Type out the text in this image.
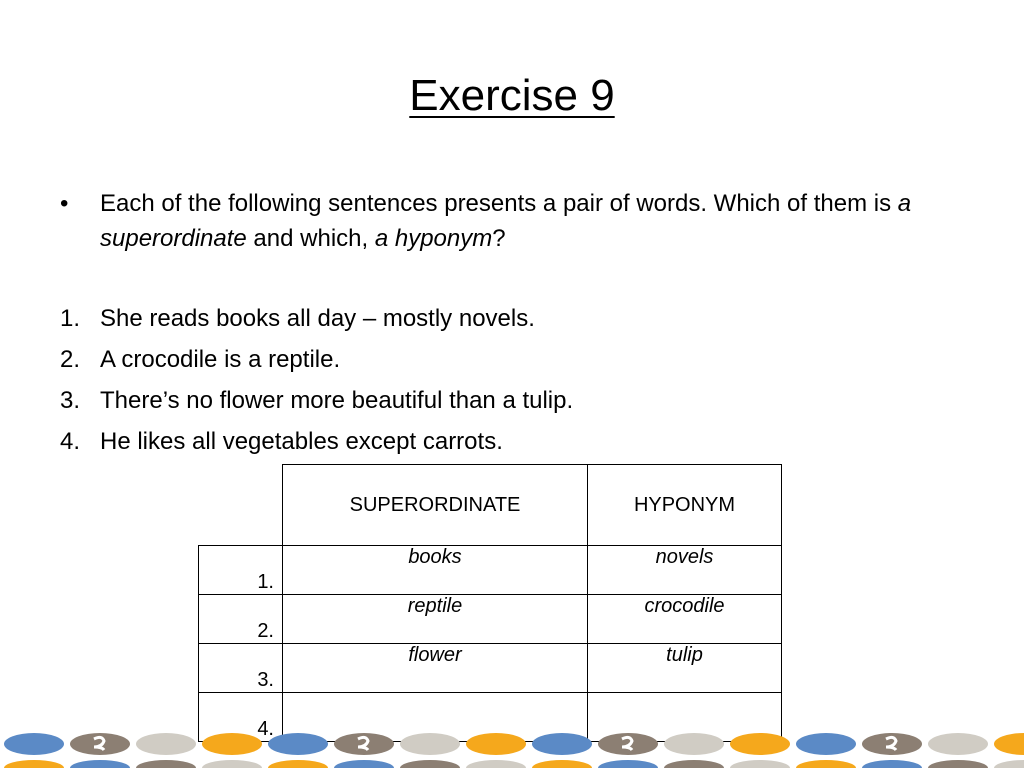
Exercise 9
• Each of the following sentences presents a pair of words. Which of them is a superordinate and which, a hyponym?
1. She reads books all day – mostly novels.
2. A crocodile is a reptile.
3. There’s no flower more beautiful than a tulip.
4. He likes all vegetables except carrots.
	SUPERORDINATE	HYPONYM
1.	books	novels
2.	reptile	crocodile
3.	flower	tulip
4.		
